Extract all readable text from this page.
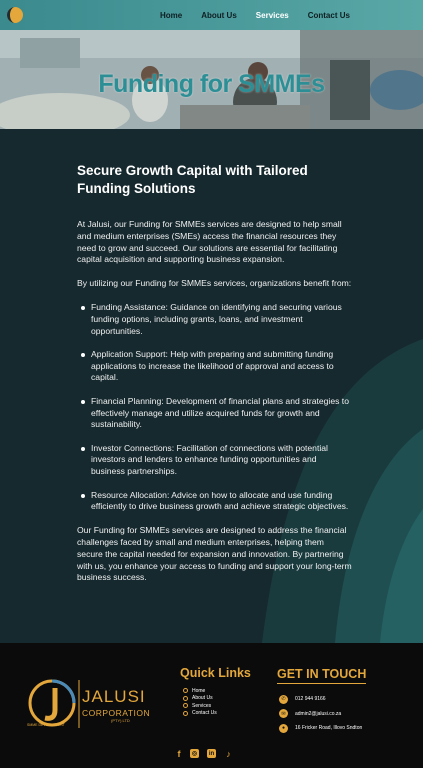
Home About Us Services Contact Us
Funding for SMMEs
Secure Growth Capital with Tailored Funding Solutions

At Jalusi, our Funding for SMMEs services are designed to help small and medium enterprises (SMEs) access the financial resources they need to grow and succeed. Our solutions are essential for facilitating capital acquisition and supporting business expansion.

By utilizing our Funding for SMMEs services, organizations benefit from:

Funding Assistance: Guidance on identifying and securing various funding options, including grants, loans, and investment opportunities.
Application Support: Help with preparing and submitting funding applications to increase the likelihood of approval and access to capital.
Financial Planning: Development of financial plans and strategies to effectively manage and utilize acquired funds for growth and sustainability.
Investor Connections: Facilitation of connections with potential investors and lenders to enhance funding opportunities and business partnerships.
Resource Allocation: Advice on how to allocate and use funding efficiently to drive business growth and achieve strategic objectives.

Our Funding for SMMEs services are designed to address the financial challenges faced by small and medium enterprises, helping them secure the capital needed for expansion and innovation. By partnering with us, you enhance your access to funding and support your long-term business success.

JALUSI
CORPORATION
(PTY) LTD
SMME DEVELOPMENT
Quick Links
Home
About Us
Services
Contact Us
GET IN TOUCH
✆	012 944 9166
✉	admin2@jalusi.co.za
●	16 Fricker Road, Illovo Sndton
f	◎	in ♪
